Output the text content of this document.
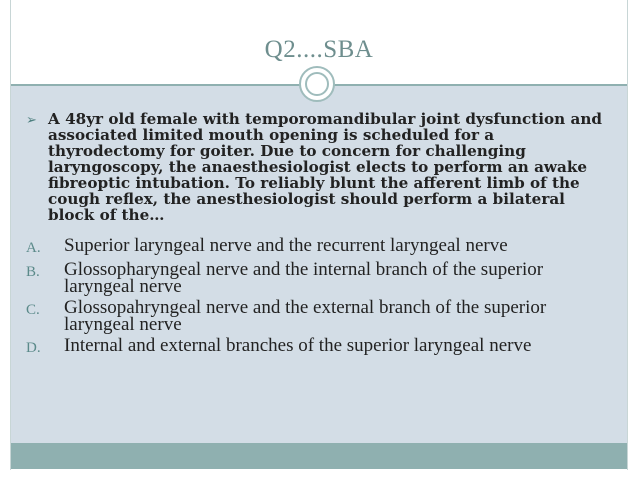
Q2....SBA
➢ A 48yr old female with temporomandibular joint dysfunction and associated limited mouth opening is scheduled for a thyrodectomy for goiter. Due to concern for challenging laryngoscopy, the anaesthesiologist elects to perform an awake fibreoptic intubation. To reliably blunt the afferent limb of the cough reflex, the anesthesiologist should perform a bilateral block of the…
A.	Superior laryngeal nerve and the recurrent laryngeal nerve
B.	Glossopharyngeal nerve and the internal branch of the superior laryngeal nerve
C.	Glossopahryngeal nerve and the external branch of the superior laryngeal nerve
D.	Internal and external branches of the superior laryngeal nerve
